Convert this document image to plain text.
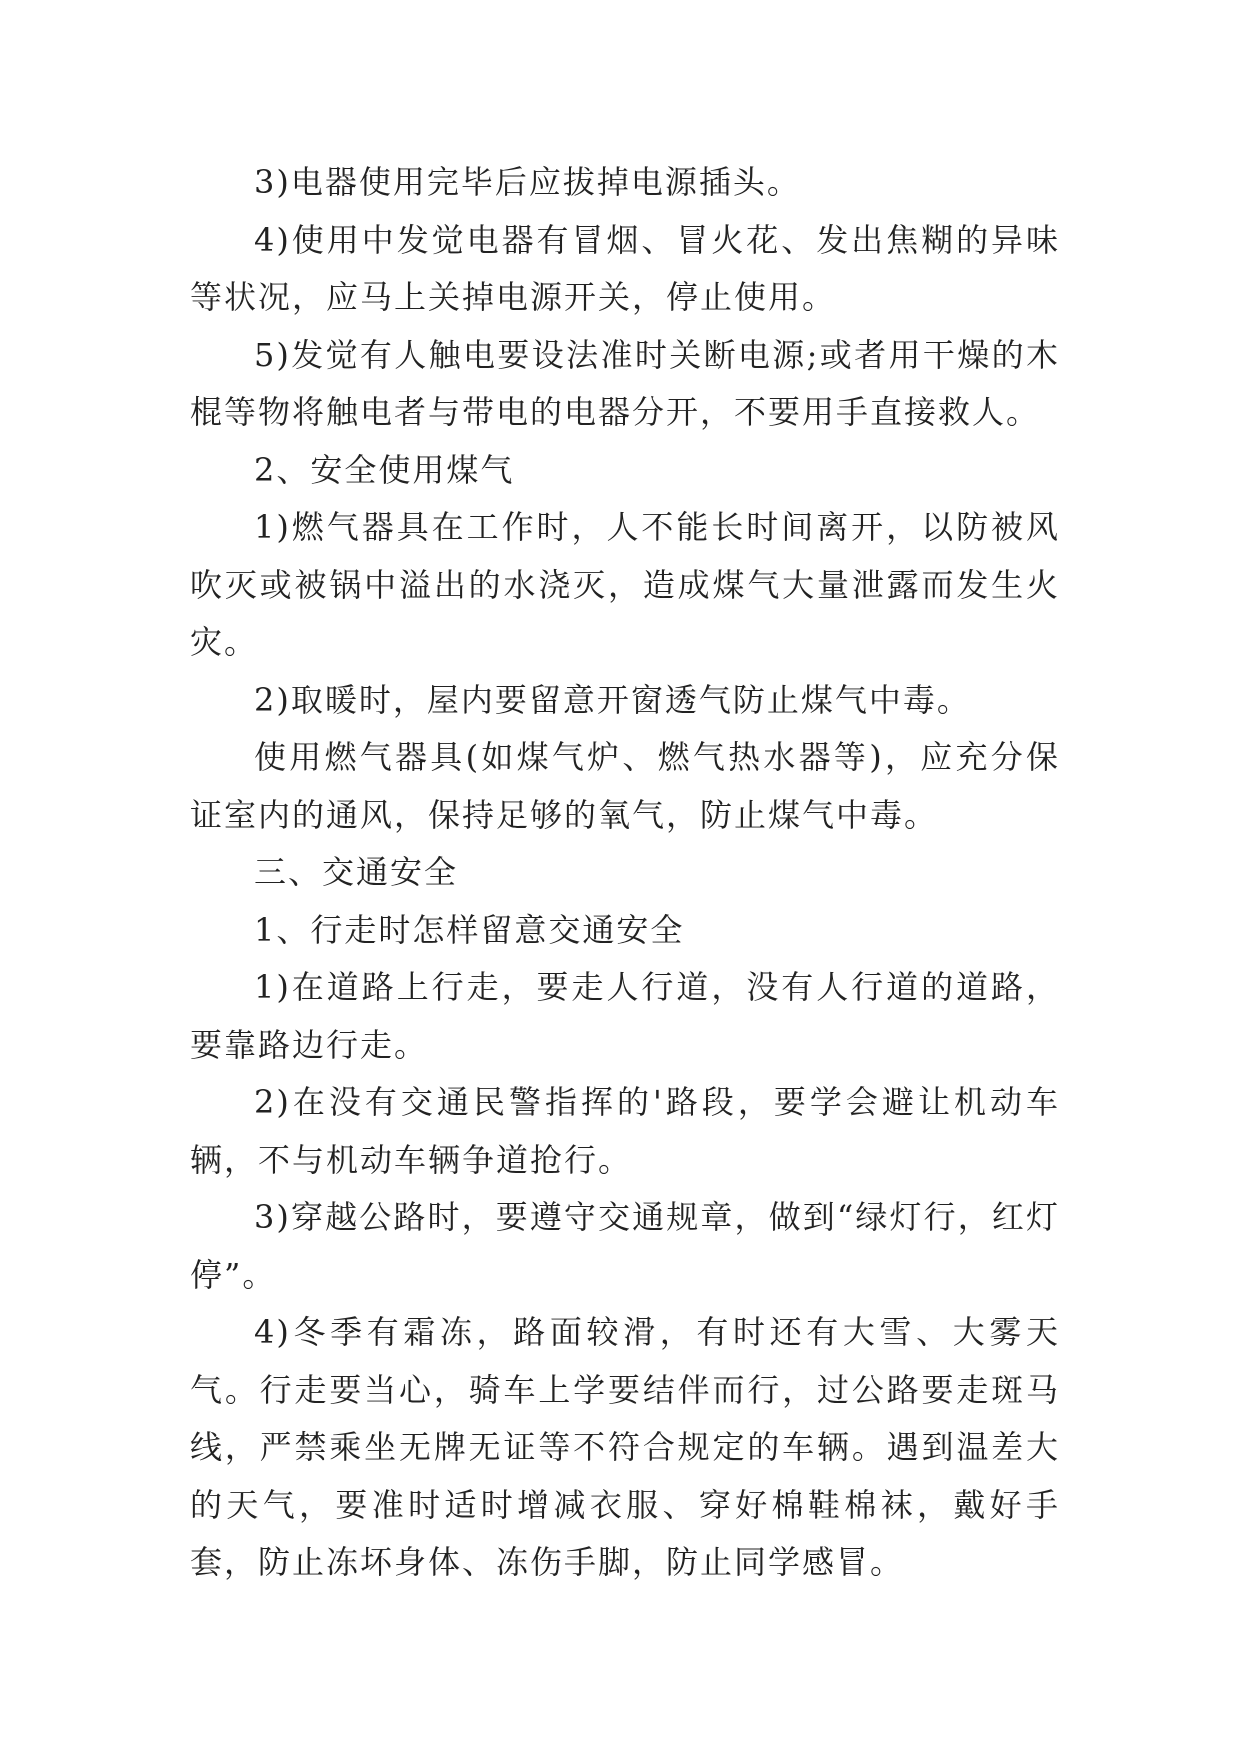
3)电器使用完毕后应拔掉电源插头。

4)使用中发觉电器有冒烟、冒火花、发出焦糊的异味等状况，应马上关掉电源开关，停止使用。

5)发觉有人触电要设法准时关断电源;或者用干燥的木棍等物将触电者与带电的电器分开，不要用手直接救人。

2、安全使用煤气

1)燃气器具在工作时，人不能长时间离开，以防被风吹灭或被锅中溢出的水浇灭，造成煤气大量泄露而发生火灾。

2)取暖时，屋内要留意开窗透气防止煤气中毒。

使用燃气器具(如煤气炉、燃气热水器等)，应充分保证室内的通风，保持足够的氧气，防止煤气中毒。

三、交通安全

1、行走时怎样留意交通安全

1)在道路上行走，要走人行道，没有人行道的道路，要靠路边行走。

2)在没有交通民警指挥的'路段，要学会避让机动车辆，不与机动车辆争道抢行。

3)穿越公路时，要遵守交通规章，做到“绿灯行，红灯停”。

4)冬季有霜冻，路面较滑，有时还有大雪、大雾天气。行走要当心，骑车上学要结伴而行，过公路要走斑马线，严禁乘坐无牌无证等不符合规定的车辆。遇到温差大的天气，要准时适时增减衣服、穿好棉鞋棉袜，戴好手套，防止冻坏身体、冻伤手脚，防止同学感冒。
